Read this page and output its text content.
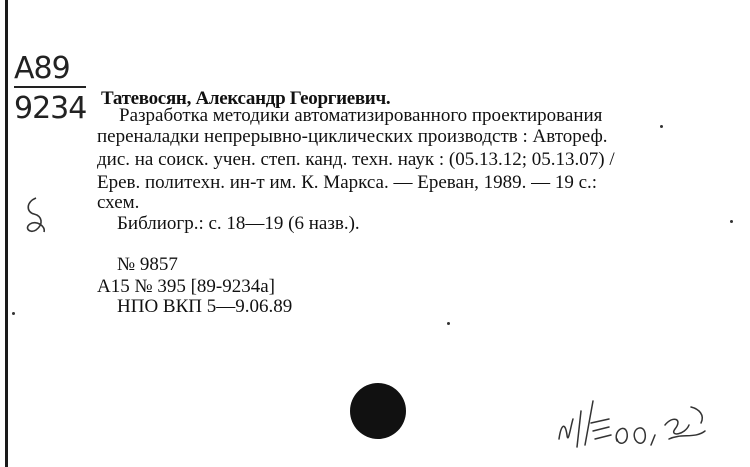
A89
9234 Татевосян, Александр Георгиевич.
Разработка методики автоматизированного проектирования
переналадки непрерывно-циклических производств : Автореф.
дис. на соиск. учен. степ. канд. техн. наук : (05.13.12; 05.13.07) /
Ерев. политехн. ин-т им. К. Маркса. — Ереван, 1989. — 19 с.:
схем.
Библиогр.: с. 18—19 (6 назв.).
№ 9857
А15 № 395 [89-9234а]
НПО ВКП 5—9.06.89
